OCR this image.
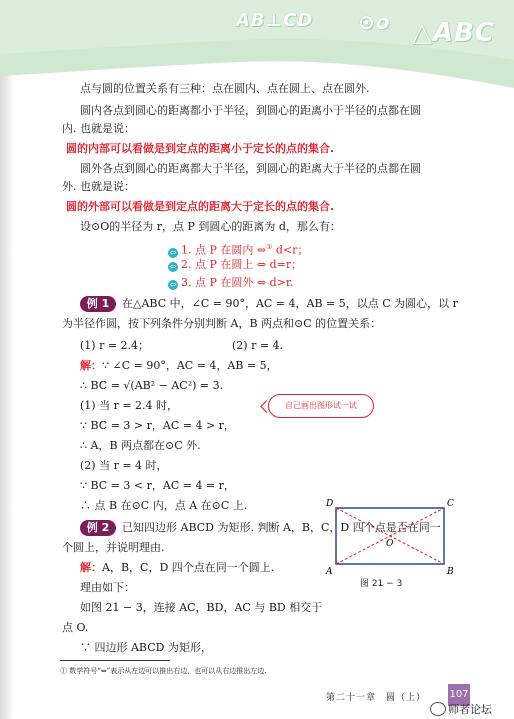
AB⊥CD ⊙o △ABC
点与圆的位置关系有三种：点在圆内、点在圆上、点在圆外.
圆内各点到圆心的距离都小于半径，到圆心的距离小于半径的点都在圆
内. 也就是说：
圆的内部可以看做是到定点的距离小于定长的点的集合.
圆外各点到圆心的距离都大于半径，到圆心的距离大于半径的点都在圆
外. 也就是说：
圆的外部可以看做是到定点的距离大于定长的点的集合.
设⊙O的半径为 r，点 P 到圆心的距离为 d，那么有：
⇔ 1. 点 P 在圆内 ⇔① d<r；
⇔ 2. 点 P 在圆上 ⇔ d=r；
⇔ 3. 点 P 在圆外 ⇔ d>r.
例 1	在△ABC 中，∠C = 90°，AC = 4，AB = 5，以点 C 为圆心，以 r
为半径作圆，按下列条件分别判断 A，B 两点和⊙C 的位置关系：
(1) r = 2.4；	(2) r = 4.
解：∵ ∠C = 90°，AC = 4，AB = 5，
∴ BC = √(AB² − AC²) = 3.
(1) 当 r = 2.4 时，
∵ BC = 3 > r，AC = 4 > r，
∴ A，B 两点都在⊙C 外.
(2) 当 r = 4 时，
∵ BC = 3 < r，AC = 4 = r，
∴ 点 B 在⊙C 内，点 A 在⊙C 上.
自己画出图形试一试
例 2	已知四边形 ABCD 为矩形. 判断 A，B，C，D 四个点是否在同一
个圆上，并说明理由.
解：A，B，C，D 四个点在同一个圆上.
理由如下：
如图 21 − 3，连接 AC，BD，AC 与 BD 相交于
D	C
A	B
O
图 21 − 3
点 O.
∵ 四边形 ABCD 为矩形，
① 数学符号“⇔”表示从左边可以推出右边，也可以从右边推出左边.
第二十一章　圆（上） 107
师者论坛
